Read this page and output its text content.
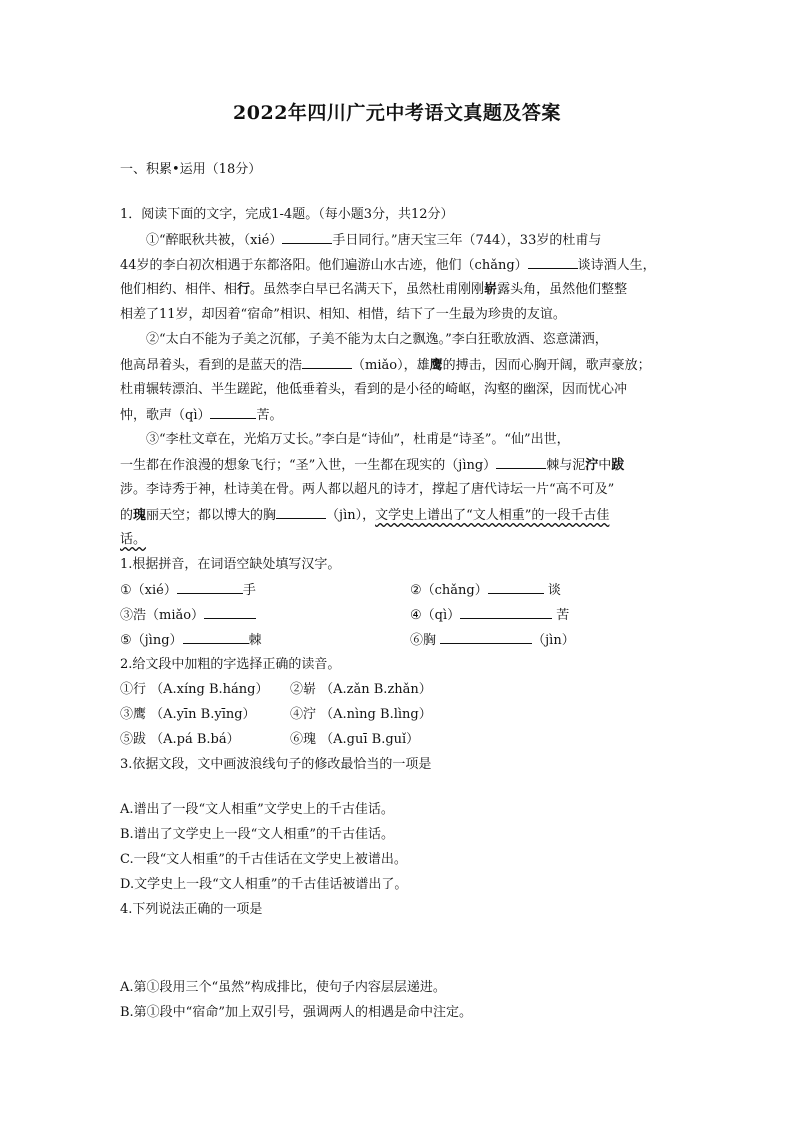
2022年四川广元中考语文真题及答案
一、积累•运用（18分）
1．阅读下面的文字，完成1-4题。（每小题3分，共12分）
①“醉眠秋共被，（xié）	手日同行。”唐天宝三年（744），33岁的杜甫与
44岁的李白初次相遇于东都洛阳。他们遍游山水古迹，他们（chǎng）	谈诗酒人生，
他们相约、相伴、相行。虽然李白早已名满天下，虽然杜甫刚刚崭露头角，虽然他们整整
相差了11岁，却因着“宿命”相识、相知、相惜，结下了一生最为珍贵的友谊。
②“太白不能为子美之沉郁，子美不能为太白之飘逸。”李白狂歌放酒、恣意潇洒，
他高昂着头，看到的是蓝天的浩	（miǎo），雄鹰的搏击，因而心胸开阔，歌声豪放；
杜甫辗转漂泊、半生蹉跎，他低垂着头，看到的是小径的崎岖，沟壑的幽深，因而忧心冲
忡，歌声（qì）	苦。
③“李杜文章在，光焰万丈长。”李白是“诗仙”，杜甫是“诗圣”。“仙”出世，
一生都在作浪漫的想象飞行；“圣”入世，一生都在现实的（jìng）	棘与泥泞中跋
涉。李诗秀于神，杜诗美在骨。两人都以超凡的诗才，撑起了唐代诗坛一片“高不可及”
的瑰丽天空；都以博大的胸	（jìn），文学史上谱出了“文人相重”的一段千古佳
话。
1.根据拼音，在词语空缺处填写汉字。
①（xié）	手	②（chǎng）	谈
③浩（miǎo）	④（qì）	苦
⑤（jìng）	棘	⑥胸	（jìn）
2.给文段中加粗的字选择正确的读音。
①行 （A.xíng B.háng） ②崭 （A.zǎn B.zhǎn）
③鹰 （A.yīn B.yīng）	④泞 （A.nìng B.lìng）
⑤跋 （A.pá B.bá）	⑥瑰 （A.guī B.guǐ）
3.依据文段，文中画波浪线句子的修改最恰当的一项是
A.谱出了一段“文人相重”文学史上的千古佳话。
B.谱出了文学史上一段“文人相重”的千古佳话。
C.一段“文人相重”的千古佳话在文学史上被谱出。
D.文学史上一段“文人相重”的千古佳话被谱出了。
4.下列说法正确的一项是
A.第①段用三个“虽然”构成排比，使句子内容层层递进。
B.第①段中“宿命”加上双引号，强调两人的相遇是命中注定。
